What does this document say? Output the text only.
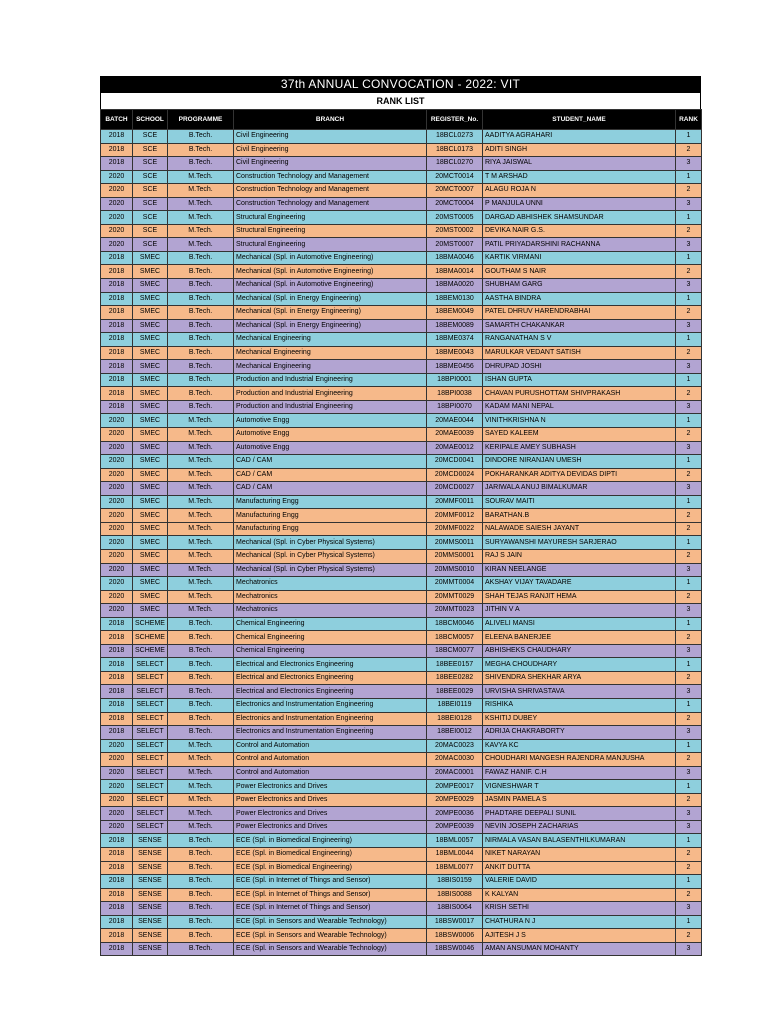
37th ANNUAL CONVOCATION - 2022: VIT
RANK LIST
BATCH	SCHOOL	PROGRAMME	BRANCH	REGISTER_No.	STUDENT_NAME	RANK
2018	SCE	B.Tech.	Civil Engineering	18BCL0273	AADITYA AGRAHARI	1
2018	SCE	B.Tech.	Civil Engineering	18BCL0173	ADITI SINGH	2
2018	SCE	B.Tech.	Civil Engineering	18BCL0270	RIYA JAISWAL	3
2020	SCE	M.Tech.	Construction Technology and Management	20MCT0014	T M ARSHAD	1
2020	SCE	M.Tech.	Construction Technology and Management	20MCT0007	ALAGU ROJA N	2
2020	SCE	M.Tech.	Construction Technology and Management	20MCT0004	P MANJULA UNNI	3
2020	SCE	M.Tech.	Structural Engineering	20MST0005	DARGAD ABHISHEK SHAMSUNDAR	1
2020	SCE	M.Tech.	Structural Engineering	20MST0002	DEVIKA NAIR G.S.	2
2020	SCE	M.Tech.	Structural Engineering	20MST0007	PATIL PRIYADARSHINI RACHANNA	3
2018	SMEC	B.Tech.	Mechanical (Spl. in Automotive Engineering)	18BMA0046	KARTIK VIRMANI	1
2018	SMEC	B.Tech.	Mechanical (Spl. in Automotive Engineering)	18BMA0014	GOUTHAM S NAIR	2
2018	SMEC	B.Tech.	Mechanical (Spl. in Automotive Engineering)	18BMA0020	SHUBHAM GARG	3
2018	SMEC	B.Tech.	Mechanical (Spl. in Energy Engineering)	18BEM0130	AASTHA BINDRA	1
2018	SMEC	B.Tech.	Mechanical (Spl. in Energy Engineering)	18BEM0049	PATEL DHRUV HARENDRABHAI	2
2018	SMEC	B.Tech.	Mechanical (Spl. in Energy Engineering)	18BEM0089	SAMARTH CHAKANKAR	3
2018	SMEC	B.Tech.	Mechanical Engineering	18BME0374	RANGANATHAN S V	1
2018	SMEC	B.Tech.	Mechanical Engineering	18BME0043	MARULKAR VEDANT SATISH	2
2018	SMEC	B.Tech.	Mechanical Engineering	18BME0456	DHRUPAD JOSHI	3
2018	SMEC	B.Tech.	Production and Industrial Engineering	18BPI0001	ISHAN GUPTA	1
2018	SMEC	B.Tech.	Production and Industrial Engineering	18BPI0038	CHAVAN PURUSHOTTAM SHIVPRAKASH	2
2018	SMEC	B.Tech.	Production and Industrial Engineering	18BPI0070	KADAM MANI NEPAL	3
2020	SMEC	M.Tech.	Automotive Engg	20MAE0044	VINITHKRISHNA N	1
2020	SMEC	M.Tech.	Automotive Engg	20MAE0039	SAYED KALEEM	2
2020	SMEC	M.Tech.	Automotive Engg	20MAE0012	KERIPALE AMEY SUBHASH	3
2020	SMEC	M.Tech.	CAD / CAM	20MCD0041	DINDORE NIRANJAN UMESH	1
2020	SMEC	M.Tech.	CAD / CAM	20MCD0024	POKHARANKAR ADITYA DEVIDAS DIPTI	2
2020	SMEC	M.Tech.	CAD / CAM	20MCD0027	JARIWALA ANUJ BIMALKUMAR	3
2020	SMEC	M.Tech.	Manufacturing Engg	20MMF0011	SOURAV MAITI	1
2020	SMEC	M.Tech.	Manufacturing Engg	20MMF0012	BARATHAN.B	2
2020	SMEC	M.Tech.	Manufacturing Engg	20MMF0022	NALAWADE SAIESH JAYANT	2
2020	SMEC	M.Tech.	Mechanical (Spl. in Cyber Physical Systems)	20MMS0011	SURYAWANSHI MAYURESH SARJERAO	1
2020	SMEC	M.Tech.	Mechanical (Spl. in Cyber Physical Systems)	20MMS0001	RAJ S JAIN	2
2020	SMEC	M.Tech.	Mechanical (Spl. in Cyber Physical Systems)	20MMS0010	KIRAN NEELANGE	3
2020	SMEC	M.Tech.	Mechatronics	20MMT0004	AKSHAY VIJAY TAVADARE	1
2020	SMEC	M.Tech.	Mechatronics	20MMT0029	SHAH TEJAS RANJIT HEMA	2
2020	SMEC	M.Tech.	Mechatronics	20MMT0023	JITHIN V A	3
2018	SCHEME	B.Tech.	Chemical Engineering	18BCM0046	ALIVELI MANSI	1
2018	SCHEME	B.Tech.	Chemical Engineering	18BCM0057	ELEENA BANERJEE	2
2018	SCHEME	B.Tech.	Chemical Engineering	18BCM0077	ABHISHEKS CHAUDHARY	3
2018	SELECT	B.Tech.	Electrical and Electronics Engineering	18BEE0157	MEGHA CHOUDHARY	1
2018	SELECT	B.Tech.	Electrical and Electronics Engineering	18BEE0282	SHIVENDRA SHEKHAR ARYA	2
2018	SELECT	B.Tech.	Electrical and Electronics Engineering	18BEE0029	URVISHA SHRIVASTAVA	3
2018	SELECT	B.Tech.	Electronics and Instrumentation Engineering	18BEI0119	RISHIKA	1
2018	SELECT	B.Tech.	Electronics and Instrumentation Engineering	18BEI0128	KSHITIJ DUBEY	2
2018	SELECT	B.Tech.	Electronics and Instrumentation Engineering	18BEI0012	ADRIJA CHAKRABORTY	3
2020	SELECT	M.Tech.	Control and Automation	20MAC0023	KAVYA KC	1
2020	SELECT	M.Tech.	Control and Automation	20MAC0030	CHOUDHARI MANGESH RAJENDRA MANJUSHA	2
2020	SELECT	M.Tech.	Control and Automation	20MAC0001	FAWAZ HANIF. C.H	3
2020	SELECT	M.Tech.	Power Electronics and Drives	20MPE0017	VIGNESHWAR T	1
2020	SELECT	M.Tech.	Power Electronics and Drives	20MPE0029	JASMIN PAMELA S	2
2020	SELECT	M.Tech.	Power Electronics and Drives	20MPE0036	PHADTARE DEEPALI SUNIL	3
2020	SELECT	M.Tech.	Power Electronics and Drives	20MPE0039	NEVIN JOSEPH ZACHARIAS	3
2018	SENSE	B.Tech.	ECE (Spl. in Biomedical Engineering)	18BML0057	NIRMALA VASAN BALASENTHILKUMARAN	1
2018	SENSE	B.Tech.	ECE (Spl. in Biomedical Engineering)	18BML0044	NIKET NARAYAN	2
2018	SENSE	B.Tech.	ECE (Spl. in Biomedical Engineering)	18BML0077	ANKIT DUTTA	2
2018	SENSE	B.Tech.	ECE (Spl. in Internet of Things and Sensor)	18BIS0159	VALERIE DAVID	1
2018	SENSE	B.Tech.	ECE (Spl. in Internet of Things and Sensor)	18BIS0088	K KALYAN	2
2018	SENSE	B.Tech.	ECE (Spl. in Internet of Things and Sensor)	18BIS0064	KRISH SETHI	3
2018	SENSE	B.Tech.	ECE (Spl. in Sensors and Wearable Technology)	18BSW0017	CHATHURA N J	1
2018	SENSE	B.Tech.	ECE (Spl. in Sensors and Wearable Technology)	18BSW0006	AJITESH J S	2
2018	SENSE	B.Tech.	ECE (Spl. in Sensors and Wearable Technology)	18BSW0046	AMAN ANSUMAN MOHANTY	3
